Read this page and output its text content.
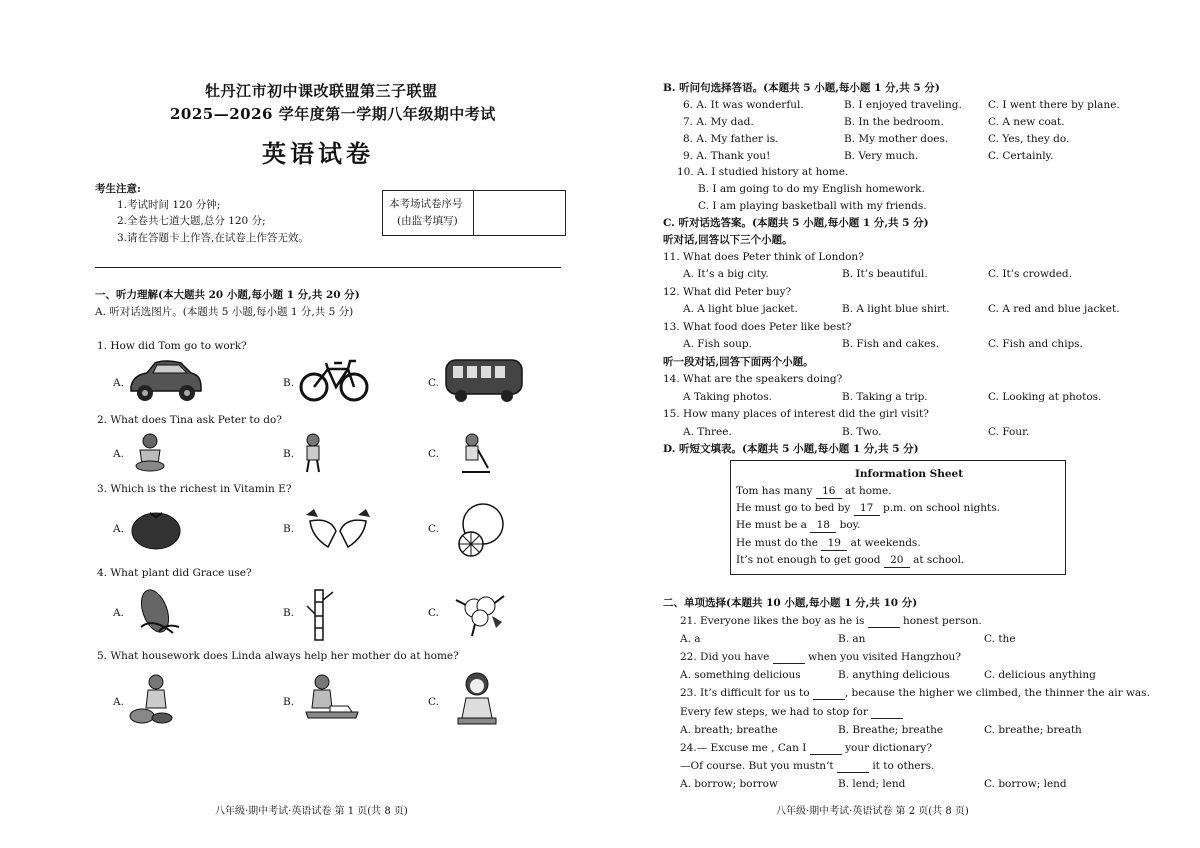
牡丹江市初中课改联盟第三子联盟
2025—2026 学年度第一学期八年级期中考试
英语试卷
考生注意:
1.考试时间 120 分钟;
2.全卷共七道大题,总分 120 分;
3.请在答题卡上作答,在试卷上作答无效。
本考场试卷序号
(由监考填写)
一、听力理解(本大题共 20 小题,每小题 1 分,共 20 分)
A. 听对话选图片。(本题共 5 小题,每小题 1 分,共 5 分)
1. How did Tom go to work?
A.	B.	C.
2. What does Tina ask Peter to do?
A.	B.	C.
3. Which is the richest in Vitamin E?
A.	B.	C.
4. What plant did Grace use?
A.	B.	C.
5. What housework does Linda always help her mother do at home?
A.	B.	C.
八年级·期中考试·英语试卷 第 1 页(共 8 页)
B. 听问句选择答语。(本题共 5 小题,每小题 1 分,共 5 分)
6. A. It was wonderful.	B. I enjoyed traveling. C. I went there by plane.
7. A. My dad.	B. In the bedroom.	C. A new coat.
8. A. My father is.	B. My mother does.	C. Yes, they do.
9. A. Thank you!	B. Very much.	C. Certainly.
10. A. I studied history at home.
B. I am going to do my English homework.
C. I am playing basketball with my friends.
C. 听对话选答案。(本题共 5 小题,每小题 1 分,共 5 分)
听对话,回答以下三个小题。
11. What does Peter think of London?
A. It’s a big city.	B. It’s beautiful.	C. It’s crowded.
12. What did Peter buy?
A. A light blue jacket.	B. A light blue shirt.	C. A red and blue jacket.
13. What food does Peter like best?
A. Fish soup.	B. Fish and cakes.	C. Fish and chips.
听一段对话,回答下面两个小题。
14. What are the speakers doing?
A Taking photos.	B. Taking a trip.	C. Looking at photos.
15. How many places of interest did the girl visit?
A. Three.	B. Two.	C. Four.
D. 听短文填表。(本题共 5 小题,每小题 1 分,共 5 分)
Information Sheet
Tom has many 16 at home.
He must go to bed by 17 p.m. on school nights.
He must be a 18 boy.
He must do the 19 at weekends.
It’s not enough to get good 20 at school.
二、单项选择(本题共 10 小题,每小题 1 分,共 10 分)
21. Everyone likes the boy as he is	honest person.
A. a	B. an	C. the
22. Did you have	when you visited Hangzhou?
A. something delicious	B. anything delicious	C. delicious anything
23. It’s difficult for us to	, because the higher we climbed, the thinner the air was.
Every few steps, we had to stop for
A. breath; breathe	B. Breathe; breathe	C. breathe; breath
24.— Excuse me , Can I	your dictionary?
—Of course. But you mustn’t	it to others.
A. borrow; borrow	B. lend; lend	C. borrow; lend
八年级·期中考试·英语试卷 第 2 页(共 8 页)
